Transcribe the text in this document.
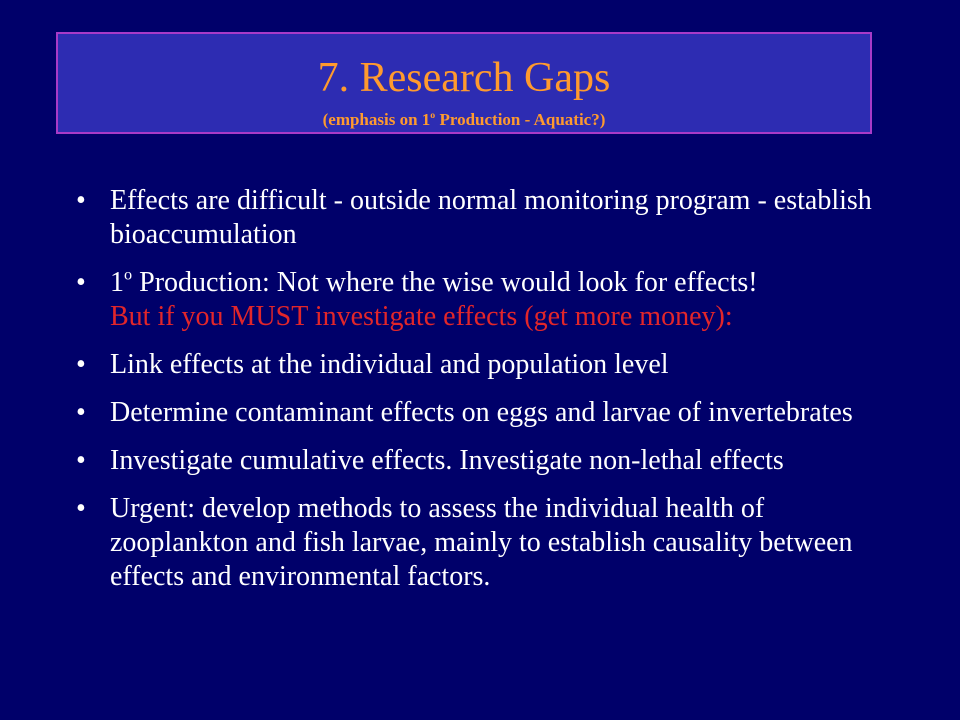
7. Research Gaps
(emphasis on 1$^o$ Production - Aquatic?)
• Effects are difficult - outside normal monitoring program - establish bioaccumulation
• 1$^o$ Production: Not where the wise would look for effects!
But if you MUST investigate effects (get more money):
• Link effects at the individual and population level
• Determine contaminant effects on eggs and larvae of invertebrates
• Investigate cumulative effects. Investigate non-lethal effects
• Urgent: develop methods to assess the individual health of zooplankton and fish larvae, mainly to establish causality between effects and environmental factors.
